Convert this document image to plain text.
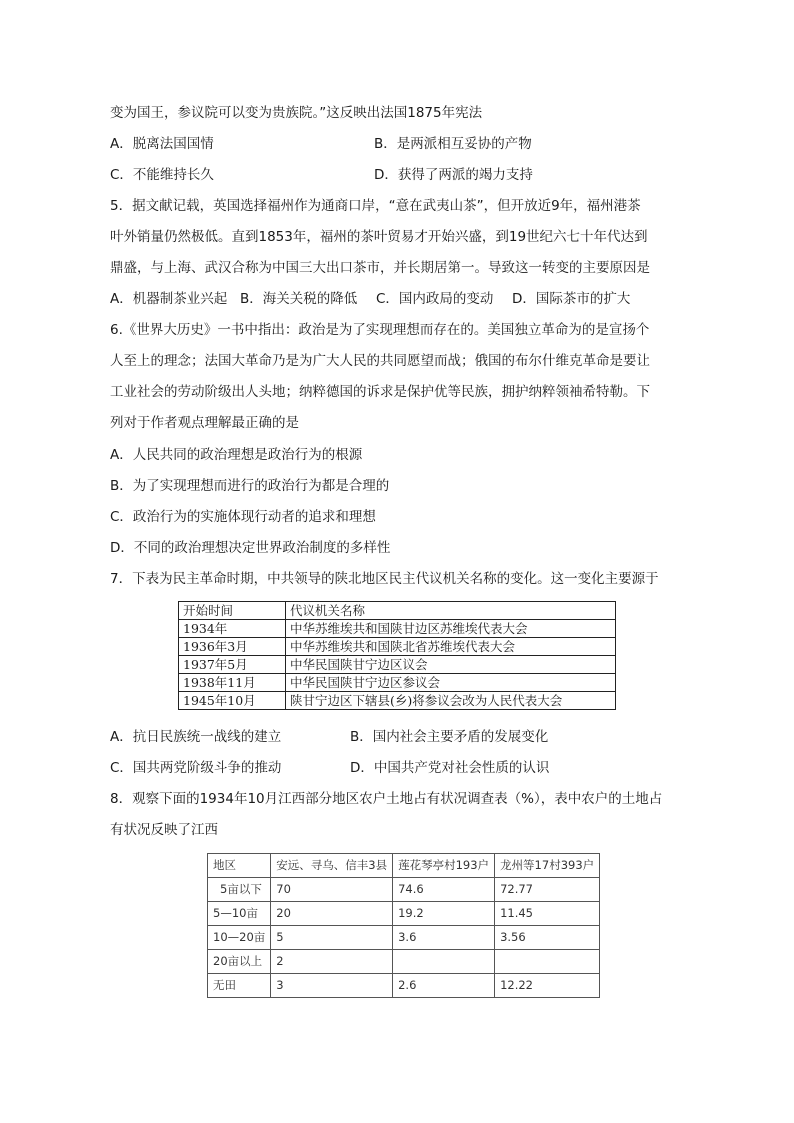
变为国王，参议院可以变为贵族院。”这反映出法国1875年宪法
A．脱离法国国情	B．是两派相互妥协的产物
C．不能维持长久	D．获得了两派的竭力支持
5．据文献记载，英国选择福州作为通商口岸，“意在武夷山茶”，但开放近9年，福州港茶
叶外销量仍然极低。直到1853年，福州的茶叶贸易才开始兴盛，到19世纪六七十年代达到
鼎盛，与上海、武汉合称为中国三大出口茶市，并长期居第一。导致这一转变的主要原因是
A．机器制茶业兴起 B．海关关税的降低 C．国内政局的变动 D．国际茶市的扩大
6.《世界大历史》一书中指出：政治是为了实现理想而存在的。美国独立革命为的是宣扬个
人至上的理念；法国大革命乃是为广大人民的共同愿望而战；俄国的布尔什维克革命是要让
工业社会的劳动阶级出人头地；纳粹德国的诉求是保护优等民族，拥护纳粹领袖希特勒。下
列对于作者观点理解最正确的是
A．人民共同的政治理想是政治行为的根源
B．为了实现理想而进行的政治行为都是合理的
C．政治行为的实施体现行动者的追求和理想
D．不同的政治理想决定世界政治制度的多样性
7．下表为民主革命时期，中共领导的陕北地区民主代议机关名称的变化。这一变化主要源于
开始时间	代议机关名称
1934年	中华苏维埃共和国陕甘边区苏维埃代表大会
1936年3月	中华苏维埃共和国陕北省苏维埃代表大会
1937年5月	中华民国陕甘宁边区议会
1938年11月	中华民国陕甘宁边区参议会
1945年10月	陕甘宁边区下辖县(乡)将参议会改为人民代表大会
A．抗日民族统一战线的建立	B．国内社会主要矛盾的发展变化
C．国共两党阶级斗争的推动	D．中国共产党对社会性质的认识
8．观察下面的1934年10月江西部分地区农户土地占有状况调查表（%），表中农户的土地占
有状况反映了江西
地区	安远、寻乌、信丰3县	莲花琴亭村193户	龙州等17村393户
5亩以下	70	74.6	72.77
5—10亩	20	19.2	11.45
10—20亩	5	3.6	3.56
20亩以上	2		
无田	3	2.6	12.22
